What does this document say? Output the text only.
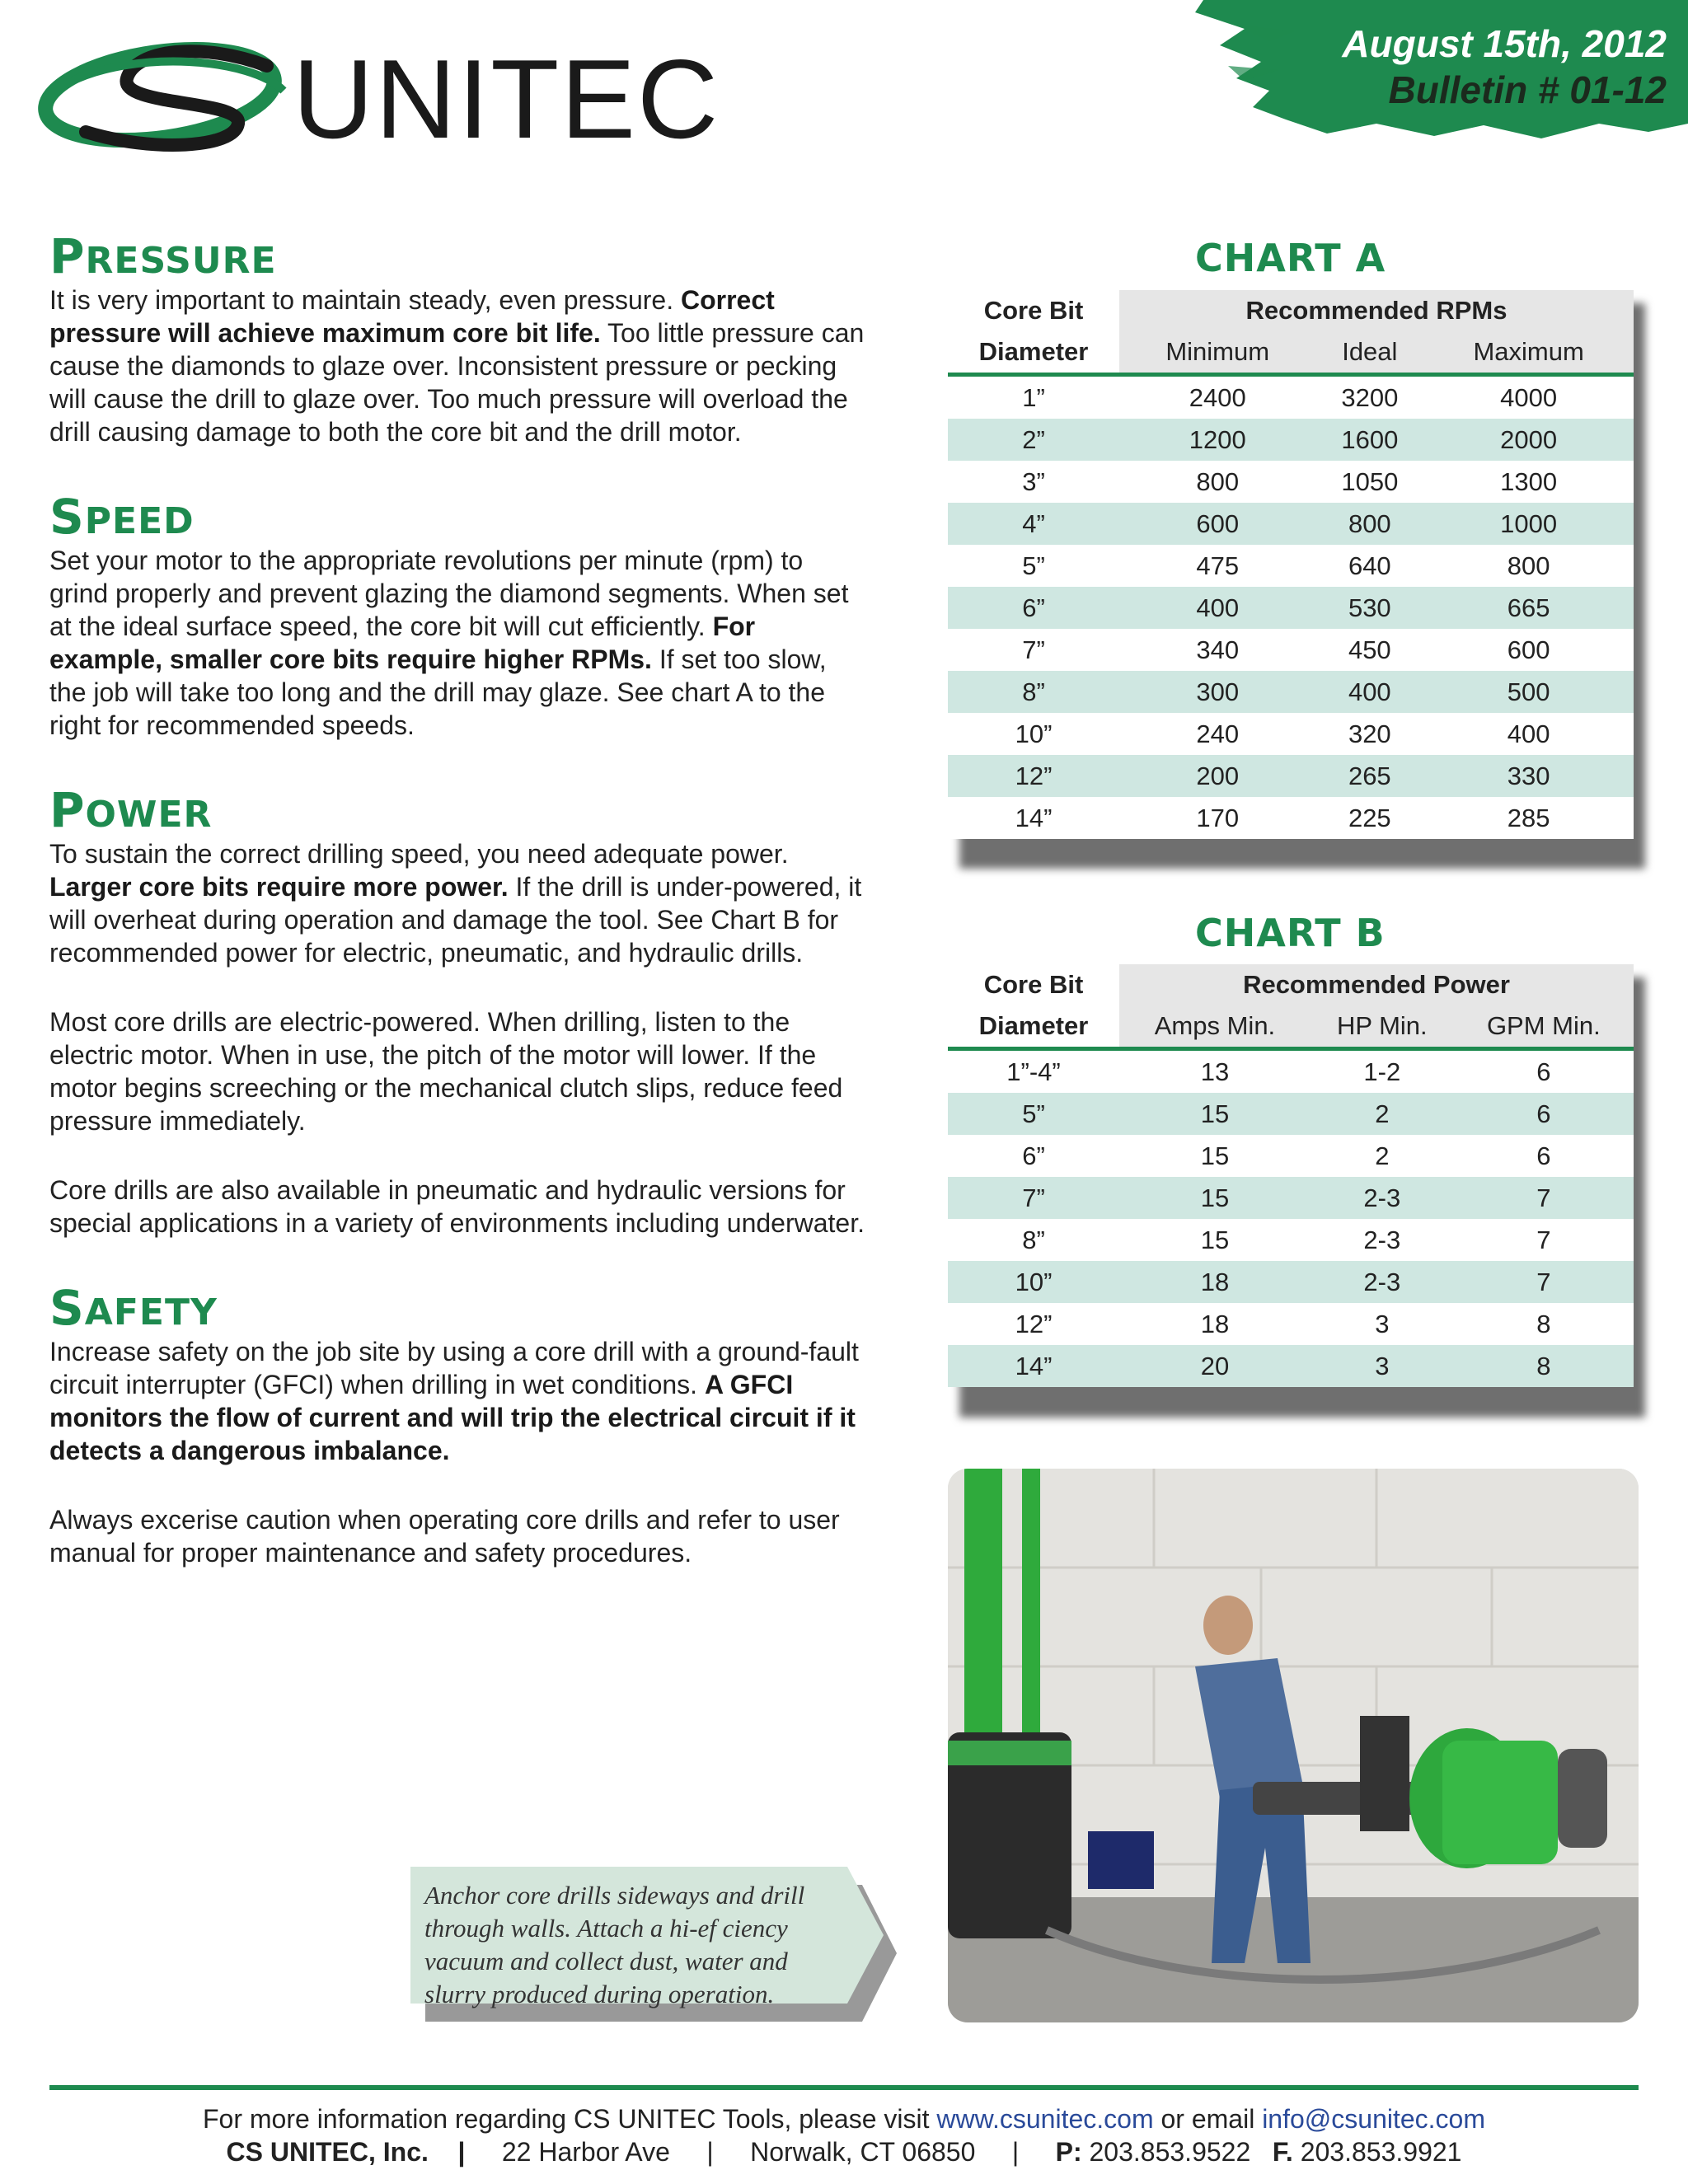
UNITEC	August 15th, 2012
Bulletin # 01-12
PRESSURE

It is very important to maintain steady, even pressure. Correct pressure will achieve maximum core bit life. Too little pressure can cause the diamonds to glaze over. Inconsistent pressure or pecking will cause the drill to glaze over. Too much pressure will overload the drill causing damage to both the core bit and the drill motor.

SPEED

Set your motor to the appropriate revolutions per minute (rpm) to grind properly and prevent glazing the diamond segments. When set at the ideal surface speed, the core bit will cut efficiently. For example, smaller core bits require higher RPMs. If set too slow, the job will take too long and the drill may glaze. See chart A to the right for recommended speeds.

POWER

To sustain the correct drilling speed, you need adequate power. Larger core bits require more power. If the drill is under-powered, it will overheat during operation and damage the tool. See Chart B for recommended power for electric, pneumatic, and hydraulic drills.

Most core drills are electric-powered. When drilling, listen to the electric motor. When in use, the pitch of the motor will lower. If the motor begins screeching or the mechanical clutch slips, reduce feed pressure immediately.

Core drills are also available in pneumatic and hydraulic versions for special applications in a variety of environments including underwater.

SAFETY

Increase safety on the job site by using a core drill with a ground-fault circuit interrupter (GFCI) when drilling in wet conditions. A GFCI monitors the flow of current and will trip the electrical circuit if it detects a dangerous imbalance.

Always excerise caution when operating core drills and refer to user manual for proper maintenance and safety procedures.

CHART A
Core Bit	Recommended RPMs		
Diameter	Minimum	Ideal	Maximum
1”	2400	3200	4000
2”	1200	1600	2000
3”	800	1050	1300
4”	600	800	1000
5”	475	640	800
6”	400	530	665
7”	340	450	600
8”	300	400	500
10”	240	320	400
12”	200	265	330
14”	170	225	285
CHART B
Core Bit	Recommended Power		
Diameter	Amps Min.	HP Min.	GPM Min.
1”-4”	13	1-2	6
5”	15	2	6
6”	15	2	6
7”	15	2-3	7
8”	15	2-3	7
10”	18	2-3	7
12”	18	3	8
14”	20	3	8
Anchor core drills sideways and drill through walls. Attach a hi-ef ciency vacuum and collect dust, water and slurry produced during operation.
For more information regarding CS UNITEC Tools, please visit www.csunitec.com or email info@csunitec.com
CS UNITEC, Inc. | 22 Harbor Ave | Norwalk, CT 06850 | P: 203.853.9522 F. 203.853.9921
